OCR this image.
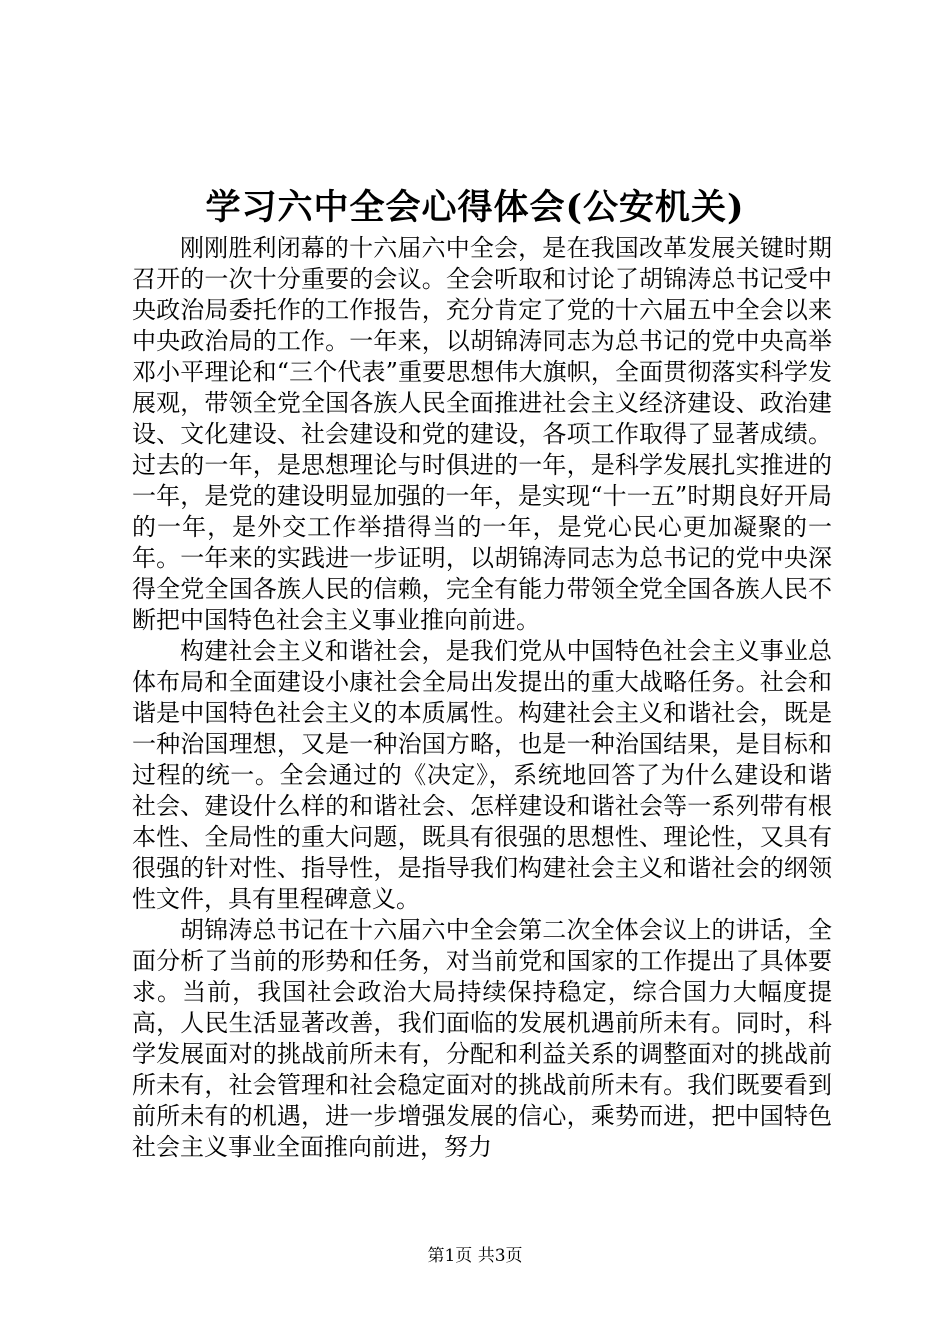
学习六中全会心得体会(公安机关)

刚刚胜利闭幕的十六届六中全会，是在我国改革发展关键时期召开的一次十分重要的会议。全会听取和讨论了胡锦涛总书记受中央政治局委托作的工作报告，充分肯定了党的十六届五中全会以来中央政治局的工作。一年来，以胡锦涛同志为总书记的党中央高举邓小平理论和“三个代表”重要思想伟大旗帜，全面贯彻落实科学发展观，带领全党全国各族人民全面推进社会主义经济建设、政治建设、文化建设、社会建设和党的建设，各项工作取得了显著成绩。过去的一年，是思想理论与时俱进的一年，是科学发展扎实推进的一年，是党的建设明显加强的一年，是实现“十一五”时期良好开局的一年，是外交工作举措得当的一年，是党心民心更加凝聚的一年。一年来的实践进一步证明，以胡锦涛同志为总书记的党中央深得全党全国各族人民的信赖，完全有能力带领全党全国各族人民不断把中国特色社会主义事业推向前进。

构建社会主义和谐社会，是我们党从中国特色社会主义事业总体布局和全面建设小康社会全局出发提出的重大战略任务。社会和谐是中国特色社会主义的本质属性。构建社会主义和谐社会，既是一种治国理想，又是一种治国方略，也是一种治国结果，是目标和过程的统一。全会通过的《决定》，系统地回答了为什么建设和谐社会、建设什么样的和谐社会、怎样建设和谐社会等一系列带有根本性、全局性的重大问题，既具有很强的思想性、理论性，又具有很强的针对性、指导性，是指导我们构建社会主义和谐社会的纲领性文件，具有里程碑意义。

胡锦涛总书记在十六届六中全会第二次全体会议上的讲话，全面分析了当前的形势和任务，对当前党和国家的工作提出了具体要求。当前，我国社会政治大局持续保持稳定，综合国力大幅度提高，人民生活显著改善，我们面临的发展机遇前所未有。同时，科学发展面对的挑战前所未有，分配和利益关系的调整面对的挑战前所未有，社会管理和社会稳定面对的挑战前所未有。我们既要看到前所未有的机遇，进一步增强发展的信心，乘势而进，把中国特色社会主义事业全面推向前进，努力

第1页 共3页
